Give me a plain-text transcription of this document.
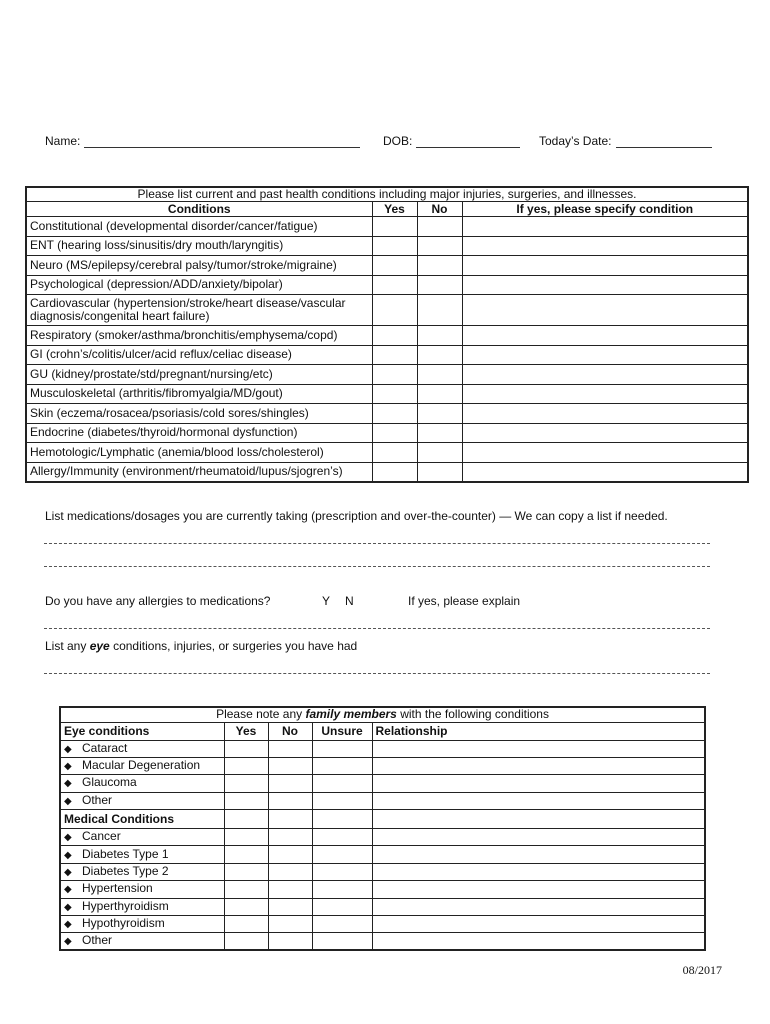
Name:	DOB:	Today’s Date:
Please list current and past health conditions including major injuries, surgeries, and illnesses.			
Conditions	Yes	No	If yes, please specify condition
Constitutional (developmental disorder/cancer/fatigue)			
ENT (hearing loss/sinusitis/dry mouth/laryngitis)			
Neuro (MS/epilepsy/cerebral palsy/tumor/stroke/migraine)			
Psychological (depression/ADD/anxiety/bipolar)			
Cardiovascular (hypertension/stroke/heart disease/vascular diagnosis/congenital heart failure)			
Respiratory (smoker/asthma/bronchitis/emphysema/copd)			
GI (crohn’s/colitis/ulcer/acid reflux/celiac disease)			
GU (kidney/prostate/std/pregnant/nursing/etc)			
Musculoskeletal (arthritis/fibromyalgia/MD/gout)			
Skin (eczema/rosacea/psoriasis/cold sores/shingles)			
Endocrine (diabetes/thyroid/hormonal dysfunction)			
Hemotologic/Lymphatic (anemia/blood loss/cholesterol)			
Allergy/Immunity (environment/rheumatoid/lupus/sjogren’s)			
List medications/dosages you are currently taking (prescription and over-the-counter) — We can copy a list if needed.
Do you have any allergies to medications?	Y N	If yes, please explain
List any eye conditions, injuries, or surgeries you have had
Please note any family members with the following conditions				
Eye conditions	Yes	No	Unsure	Relationship
◆ Cataract				
◆ Macular Degeneration				
◆ Glaucoma				
◆ Other				
Medical Conditions				
◆ Cancer				
◆ Diabetes Type 1				
◆ Diabetes Type 2				
◆ Hypertension				
◆ Hyperthyroidism				
◆ Hypothyroidism				
◆ Other				
08/2017
